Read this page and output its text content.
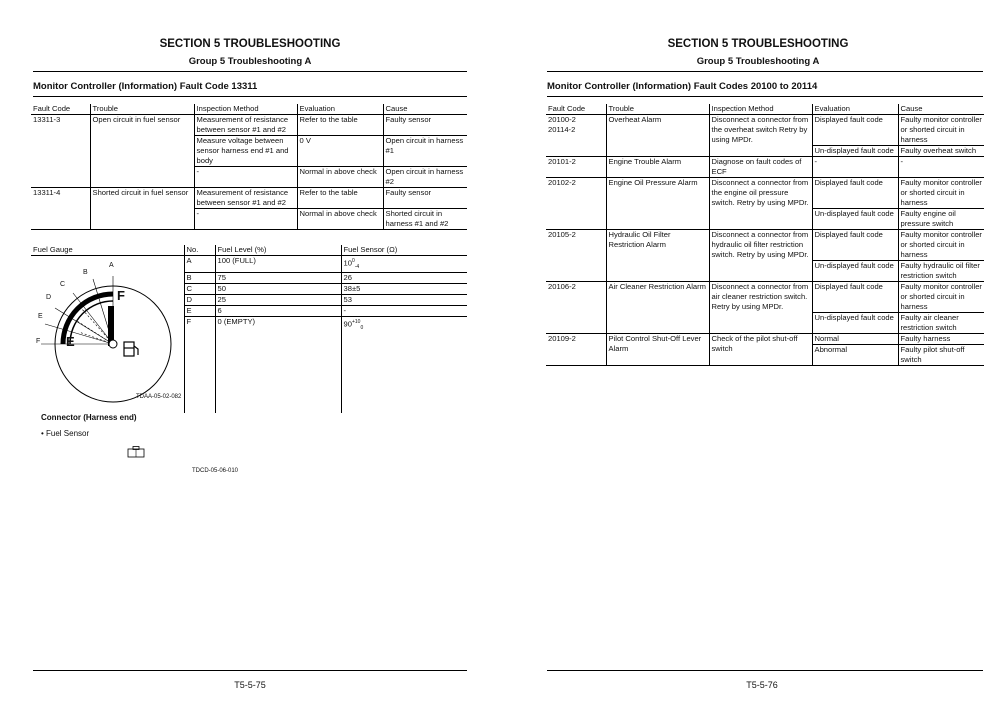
SECTION 5 TROUBLESHOOTING
Group 5 Troubleshooting A
Monitor Controller (Information) Fault Code 13311
Fault Code	Trouble	Inspection Method	Evaluation	Cause
13311-3	Open circuit in fuel sensor	Measurement of resistance between sensor #1 and #2	Refer to the table	Faulty sensor
		Measure voltage between sensor harness end #1 and body	0 V	Open circuit in harness #1
		-	Normal in above check	Open circuit in harness #2
13311-4	Shorted circuit in fuel sensor	Measurement of resistance between sensor #1 and #2	Refer to the table	Faulty sensor
		-	Normal in above check	Shorted circuit in harness #1 and #2
Fuel Gauge	No.	Fuel Level (%)	Fuel Sensor (Ω)
	A	100 (FULL)	$10^0_{-4}$
	B	75	26
	C	50	38±5
	D	25	53
	E	6	-
	F	0 (EMPTY)	$90^{+10}_0$

A
B
C
D
E
F
F
E
TDAA-05-02-082
Connector (Harness end)
• Fuel Sensor
TDCD-05-06-010
T5-5-75
SECTION 5 TROUBLESHOOTING
Group 5 Troubleshooting A
Monitor Controller (Information) Fault Codes 20100 to 20114
Fault Code	Trouble	Inspection Method	Evaluation	Cause
20100-2
20114-2	Overheat Alarm	Disconnect a connector from the overheat switch Retry by using MPDr.	Displayed fault code	Faulty monitor controller or shorted circuit in harness
			Un-displayed fault code	Faulty overheat switch
20101-2	Engine Trouble Alarm	Diagnose on fault codes of ECF	-	-
20102-2	Engine Oil Pressure Alarm	Disconnect a connector from the engine oil pressure switch. Retry by using MPDr.	Displayed fault code	Faulty monitor controller or shorted circuit in harness
			Un-displayed fault code	Faulty engine oil pressure switch
20105-2	Hydraulic Oil Filter Restriction Alarm	Disconnect a connector from hydraulic oil filter restriction switch. Retry by using MPDr.	Displayed fault code	Faulty monitor controller or shorted circuit in harness
			Un-displayed fault code	Faulty hydraulic oil filter restriction switch
20106-2	Air Cleaner Restriction Alarm	Disconnect a connector from air cleaner restriction switch. Retry by using MPDr.	Displayed fault code	Faulty monitor controller or shorted circuit in harness
			Un-displayed fault code	Faulty air cleaner restriction switch
20109-2	Pilot Control Shut-Off Lever Alarm	Check of the pilot shut-off switch	Normal	Faulty harness
			Abnormal	Faulty pilot shut-off switch
T5-5-76
